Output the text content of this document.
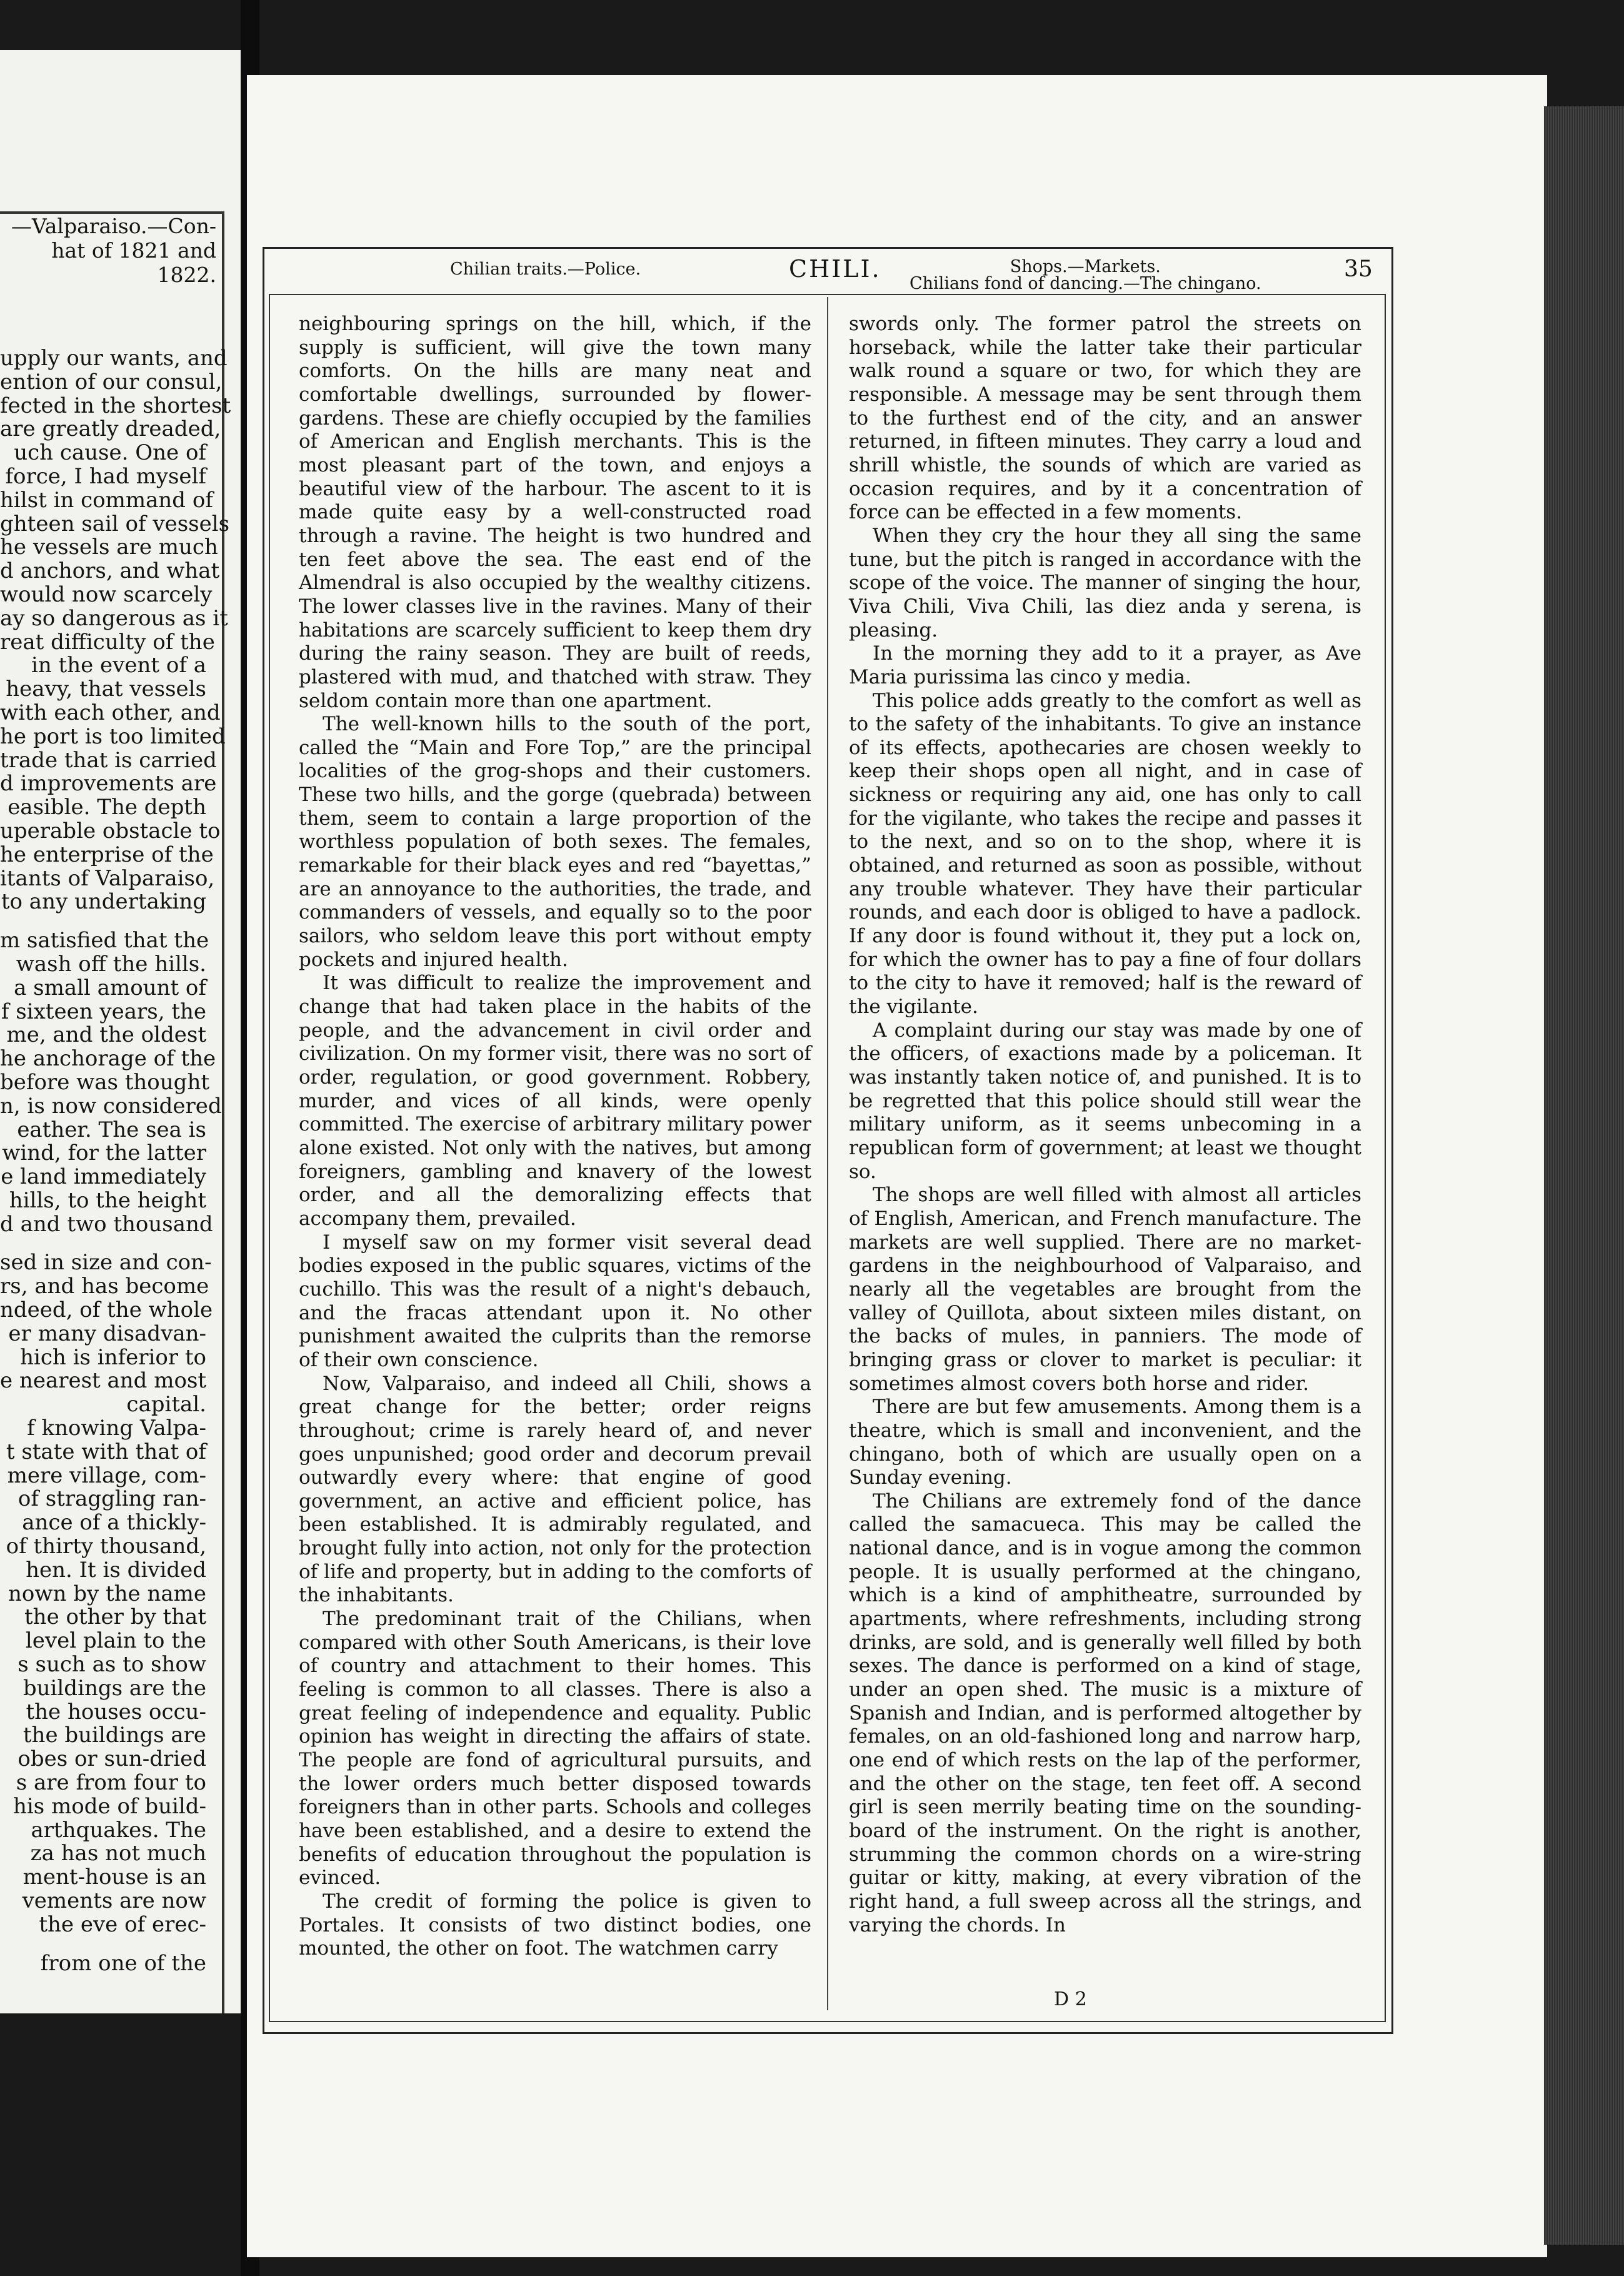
—Valparaiso.—Con-
hat of 1821 and 1822.
upply our wants, and
ention of our consul,
fected in the shortest
are greatly dreaded,
uch cause. One of
force, I had myself
hilst in command of
ghteen sail of vessels
he vessels are much
d anchors, and what
would now scarcely
ay so dangerous as it
reat difficulty of the
in the event of a
heavy, that vessels
with each other, and
he port is too limited
trade that is carried
d improvements are
easible. The depth
uperable obstacle to
he enterprise of the
itants of Valparaiso,
to any undertaking
m satisfied that the
wash off the hills.
a small amount of
f sixteen years, the
me, and the oldest
he anchorage of the
before was thought
n, is now considered
eather. The sea is
wind, for the latter
e land immediately
hills, to the height
d and two thousand
sed in size and con-
rs, and has become
ndeed, of the whole
er many disadvan-
hich is inferior to
e nearest and most
capital.
f knowing Valpa-
t state with that of
mere village, com-
of straggling ran-
ance of a thickly-
of thirty thousand,
hen. It is divided
nown by the name
the other by that
level plain to the
s such as to show
buildings are the
the houses occu-
the buildings are
obes or sun-dried
s are from four to
his mode of build-
arthquakes. The
za has not much
ment-house is an
vements are now
the eve of erec-
from one of the
Chilian traits.—Police.	CHILI.	Shops.—Markets.
Chilians fond of dancing.—The chingano.
35

neighbouring springs on the hill, which, if the supply is sufficient, will give the town many comforts. On the hills are many neat and comfortable dwellings, surrounded by flower-gardens. These are chiefly occupied by the families of American and English merchants. This is the most pleasant part of the town, and enjoys a beautiful view of the harbour. The ascent to it is made quite easy by a well-constructed road through a ravine. The height is two hundred and ten feet above the sea. The east end of the Almendral is also occupied by the wealthy citizens. The lower classes live in the ravines. Many of their habitations are scarcely sufficient to keep them dry during the rainy season. They are built of reeds, plastered with mud, and thatched with straw. They seldom contain more than one apartment.

The well-known hills to the south of the port, called the “Main and Fore Top,” are the principal localities of the grog-shops and their customers. These two hills, and the gorge (quebrada) between them, seem to contain a large proportion of the worthless population of both sexes. The females, remarkable for their black eyes and red “bayettas,” are an annoyance to the authorities, the trade, and commanders of vessels, and equally so to the poor sailors, who seldom leave this port without empty pockets and injured health.

It was difficult to realize the improvement and change that had taken place in the habits of the people, and the advancement in civil order and civilization. On my former visit, there was no sort of order, regulation, or good government. Robbery, murder, and vices of all kinds, were openly committed. The exercise of arbitrary military power alone existed. Not only with the natives, but among foreigners, gambling and knavery of the lowest order, and all the demoralizing effects that accompany them, prevailed.

I myself saw on my former visit several dead bodies exposed in the public squares, victims of the cuchillo. This was the result of a night's debauch, and the fracas attendant upon it. No other punishment awaited the culprits than the remorse of their own conscience.

Now, Valparaiso, and indeed all Chili, shows a great change for the better; order reigns throughout; crime is rarely heard of, and never goes unpunished; good order and decorum prevail outwardly every where: that engine of good government, an active and efficient police, has been established. It is admirably regulated, and brought fully into action, not only for the protection of life and property, but in adding to the comforts of the inhabitants.

The predominant trait of the Chilians, when compared with other South Americans, is their love of country and attachment to their homes. This feeling is common to all classes. There is also a great feeling of independence and equality. Public opinion has weight in directing the affairs of state. The people are fond of agricultural pursuits, and the lower orders much better disposed towards foreigners than in other parts. Schools and colleges have been established, and a desire to extend the benefits of education throughout the population is evinced.

The credit of forming the police is given to Portales. It consists of two distinct bodies, one mounted, the other on foot. The watchmen carry

swords only. The former patrol the streets on horseback, while the latter take their particular walk round a square or two, for which they are responsible. A message may be sent through them to the furthest end of the city, and an answer returned, in fifteen minutes. They carry a loud and shrill whistle, the sounds of which are varied as occasion requires, and by it a concentration of force can be effected in a few moments.

When they cry the hour they all sing the same tune, but the pitch is ranged in accordance with the scope of the voice. The manner of singing the hour, Viva Chili, Viva Chili, las diez anda y serena, is pleasing.

In the morning they add to it a prayer, as Ave Maria purissima las cinco y media.

This police adds greatly to the comfort as well as to the safety of the inhabitants. To give an instance of its effects, apothecaries are chosen weekly to keep their shops open all night, and in case of sickness or requiring any aid, one has only to call for the vigilante, who takes the recipe and passes it to the next, and so on to the shop, where it is obtained, and returned as soon as possible, without any trouble whatever. They have their particular rounds, and each door is obliged to have a padlock. If any door is found without it, they put a lock on, for which the owner has to pay a fine of four dollars to the city to have it removed; half is the reward of the vigilante.

A complaint during our stay was made by one of the officers, of exactions made by a policeman. It was instantly taken notice of, and punished. It is to be regretted that this police should still wear the military uniform, as it seems unbecoming in a republican form of government; at least we thought so.

The shops are well filled with almost all articles of English, American, and French manufacture. The markets are well supplied. There are no market-gardens in the neighbourhood of Valparaiso, and nearly all the vegetables are brought from the valley of Quillota, about sixteen miles distant, on the backs of mules, in panniers. The mode of bringing grass or clover to market is peculiar: it sometimes almost covers both horse and rider.

There are but few amusements. Among them is a theatre, which is small and inconvenient, and the chingano, both of which are usually open on a Sunday evening.

The Chilians are extremely fond of the dance called the samacueca. This may be called the national dance, and is in vogue among the common people. It is usually performed at the chingano, which is a kind of amphitheatre, surrounded by apartments, where refreshments, including strong drinks, are sold, and is generally well filled by both sexes. The dance is performed on a kind of stage, under an open shed. The music is a mixture of Spanish and Indian, and is performed altogether by females, on an old-fashioned long and narrow harp, one end of which rests on the lap of the performer, and the other on the stage, ten feet off. A second girl is seen merrily beating time on the sounding-board of the instrument. On the right is another, strumming the common chords on a wire-string guitar or kitty, making, at every vibration of the right hand, a full sweep across all the strings, and varying the chords. In

D 2
